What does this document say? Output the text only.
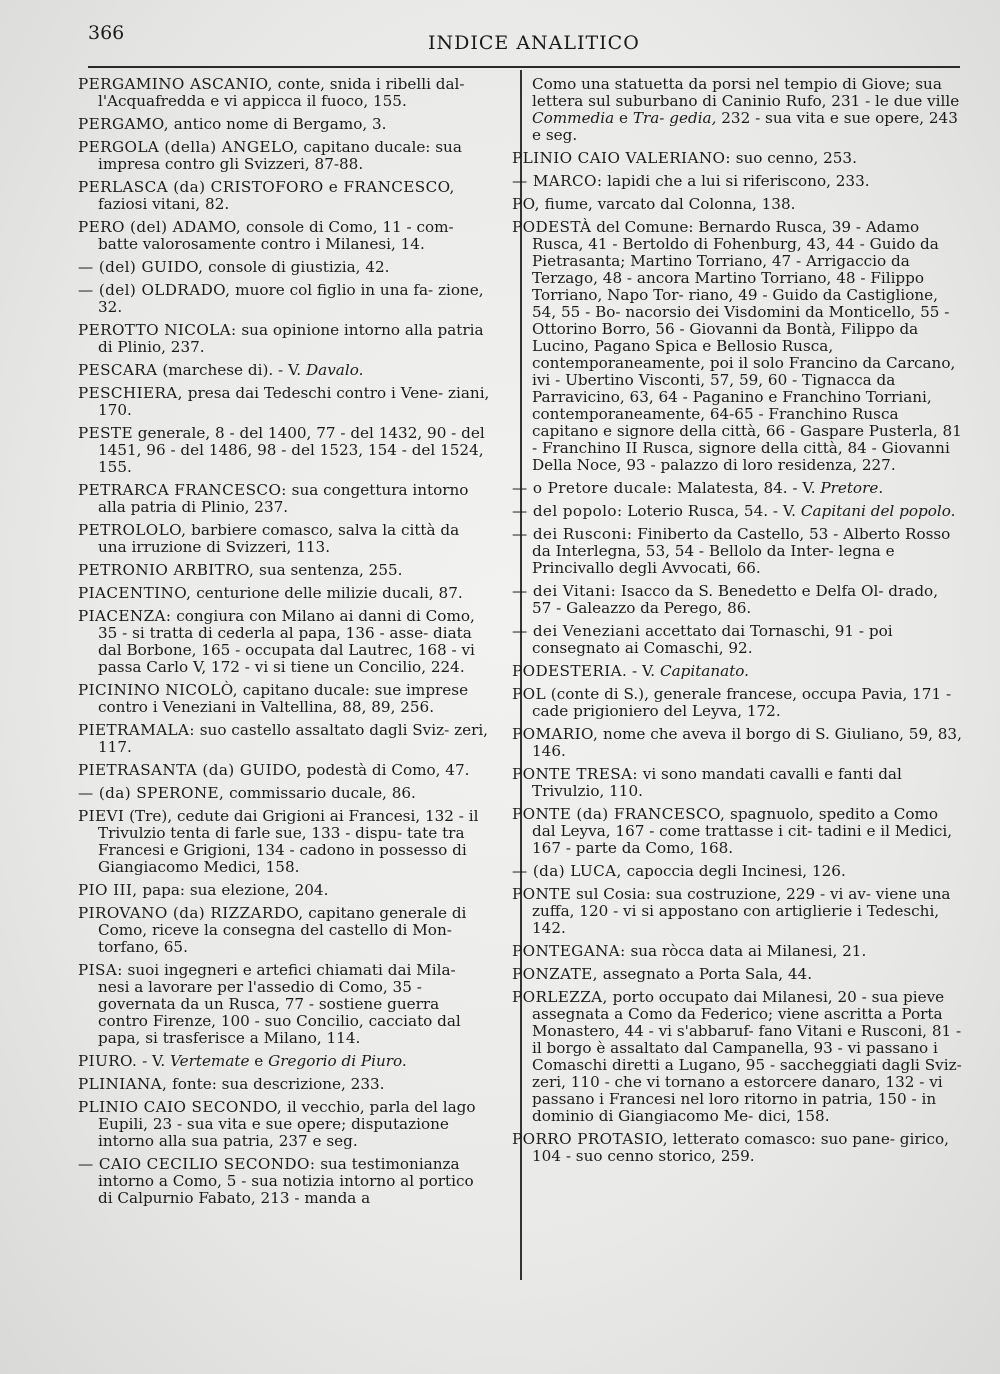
366	INDICE ANALITICO
PERGAMINO ASCANIO, conte, snida i ribelli dal- l'Acquafredda e vi appicca il fuoco, 155.
PERGAMO, antico nome di Bergamo, 3.
PERGOLA (della) ANGELO, capitano ducale: sua impresa contro gli Svizzeri, 87-88.
PERLASCA (da) CRISTOFORO e FRANCESCO, faziosi vitani, 82.
PERO (del) ADAMO, console di Como, 11 - com- batte valorosamente contro i Milanesi, 14.
— (del) GUIDO, console di giustizia, 42.
— (del) OLDRADO, muore col figlio in una fa- zione, 32.
PEROTTO NICOLA: sua opinione intorno alla patria di Plinio, 237.
PESCARA (marchese di). - V. Davalo.
PESCHIERA, presa dai Tedeschi contro i Vene- ziani, 170.
PESTE generale, 8 - del 1400, 77 - del 1432, 90 - del 1451, 96 - del 1486, 98 - del 1523, 154 - del 1524, 155.
PETRARCA FRANCESCO: sua congettura intorno alla patria di Plinio, 237.
PETROLOLO, barbiere comasco, salva la città da una irruzione di Svizzeri, 113.
PETRONIO ARBITRO, sua sentenza, 255.
PIACENTINO, centurione delle milizie ducali, 87.
PIACENZA: congiura con Milano ai danni di Como, 35 - si tratta di cederla al papa, 136 - asse- diata dal Borbone, 165 - occupata dal Lautrec, 168 - vi passa Carlo V, 172 - vi si tiene un Concilio, 224.
PICININO NICOLÒ, capitano ducale: sue imprese contro i Veneziani in Valtellina, 88, 89, 256.
PIETRAMALA: suo castello assaltato dagli Sviz- zeri, 117.
PIETRASANTA (da) GUIDO, podestà di Como, 47.
— (da) SPERONE, commissario ducale, 86.
PIEVI (Tre), cedute dai Grigioni ai Francesi, 132 - il Trivulzio tenta di farle sue, 133 - dispu- tate tra Francesi e Grigioni, 134 - cadono in possesso di Giangiacomo Medici, 158.
PIO III, papa: sua elezione, 204.
PIROVANO (da) RIZZARDO, capitano generale di Como, riceve la consegna del castello di Mon- torfano, 65.
PISA: suoi ingegneri e artefici chiamati dai Mila- nesi a lavorare per l'assedio di Como, 35 - governata da un Rusca, 77 - sostiene guerra contro Firenze, 100 - suo Concilio, cacciato dal papa, si trasferisce a Milano, 114.
PIURO. - V. Vertemate e Gregorio di Piuro.
PLINIANA, fonte: sua descrizione, 233.
PLINIO CAIO SECONDO, il vecchio, parla del lago Eupili, 23 - sua vita e sue opere; disputazione intorno alla sua patria, 237 e seg.
— CAIO CECILIO SECONDO: sua testimonianza intorno a Como, 5 - sua notizia intorno al portico di Calpurnio Fabato, 213 - manda a
Como una statuetta da porsi nel tempio di Giove; sua lettera sul suburbano di Caninio Rufo, 231 - le due ville Commedia e Tra- gedia, 232 - sua vita e sue opere, 243 e seg.
PLINIO CAIO VALERIANO: suo cenno, 253.
— MARCO: lapidi che a lui si riferiscono, 233.
PO, fiume, varcato dal Colonna, 138.
PODESTÀ del Comune: Bernardo Rusca, 39 - Adamo Rusca, 41 - Bertoldo di Fohenburg, 43, 44 - Guido da Pietrasanta; Martino Torriano, 47 - Arrigaccio da Terzago, 48 - ancora Martino Torriano, 48 - Filippo Torriano, Napo Tor- riano, 49 - Guido da Castiglione, 54, 55 - Bo- nacorsio dei Visdomini da Monticello, 55 - Ottorino Borro, 56 - Giovanni da Bontà, Filippo da Lucino, Pagano Spica e Bellosio Rusca, contemporaneamente, poi il solo Francino da Carcano, ivi - Ubertino Visconti, 57, 59, 60 - Tignacca da Parravicino, 63, 64 - Paganino e Franchino Torriani, contemporaneamente, 64-65 - Franchino Rusca capitano e signore della città, 66 - Gaspare Pusterla, 81 - Franchino II Rusca, signore della città, 84 - Giovanni Della Noce, 93 - palazzo di loro residenza, 227.
— o Pretore ducale: Malatesta, 84. - V. Pretore.
— del popolo: Loterio Rusca, 54. - V. Capitani del popolo.
— dei Rusconi: Finiberto da Castello, 53 - Alberto Rosso da Interlegna, 53, 54 - Bellolo da Inter- legna e Princivallo degli Avvocati, 66.
— dei Vitani: Isacco da S. Benedetto e Delfa Ol- drado, 57 - Galeazzo da Perego, 86.
— dei Veneziani accettato dai Tornaschi, 91 - poi consegnato ai Comaschi, 92.
PODESTERIA. - V. Capitanato.
POL (conte di S.), generale francese, occupa Pavia, 171 - cade prigioniero del Leyva, 172.
POMARIO, nome che aveva il borgo di S. Giuliano, 59, 83, 146.
PONTE TRESA: vi sono mandati cavalli e fanti dal Trivulzio, 110.
PONTE (da) FRANCESCO, spagnuolo, spedito a Como dal Leyva, 167 - come trattasse i cit- tadini e il Medici, 167 - parte da Como, 168.
— (da) LUCA, capoccia degli Incinesi, 126.
PONTE sul Cosia: sua costruzione, 229 - vi av- viene una zuffa, 120 - vi si appostano con artiglierie i Tedeschi, 142.
PONTEGANA: sua ròcca data ai Milanesi, 21.
PONZATE, assegnato a Porta Sala, 44.
PORLEZZA, porto occupato dai Milanesi, 20 - sua pieve assegnata a Como da Federico; viene ascritta a Porta Monastero, 44 - vi s'abbaruf- fano Vitani e Rusconi, 81 - il borgo è assaltato dal Campanella, 93 - vi passano i Comaschi diretti a Lugano, 95 - saccheggiati dagli Sviz- zeri, 110 - che vi tornano a estorcere danaro, 132 - vi passano i Francesi nel loro ritorno in patria, 150 - in dominio di Giangiacomo Me- dici, 158.
PORRO PROTASIO, letterato comasco: suo pane- girico, 104 - suo cenno storico, 259.
